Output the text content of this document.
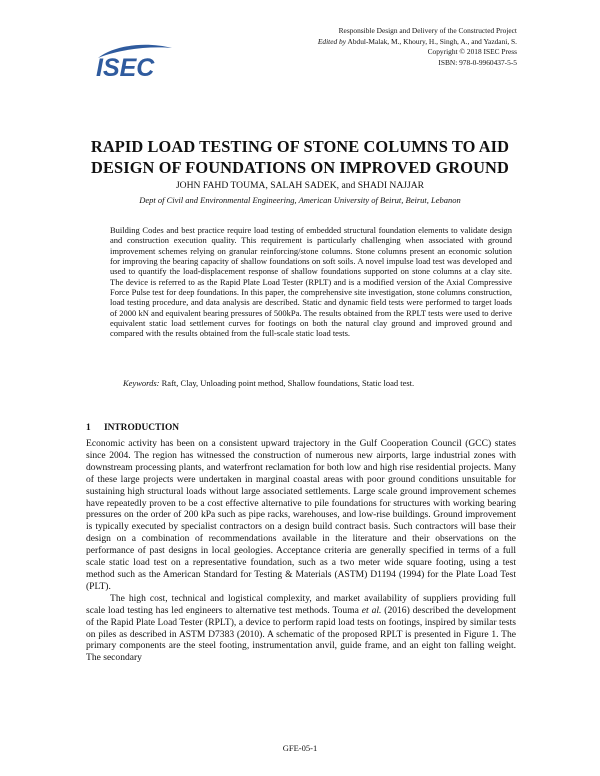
ISEC
Responsible Design and Delivery of the Constructed Project
Edited by Abdul-Malak, M., Khoury, H., Singh, A., and Yazdani, S.
Copyright © 2018 ISEC Press
ISBN: 978-0-9960437-5-5
RAPID LOAD TESTING OF STONE COLUMNS TO AID
DESIGN OF FOUNDATIONS ON IMPROVED GROUND
JOHN FAHD TOUMA, SALAH SADEK, and SHADI NAJJAR
Dept of Civil and Environmental Engineering, American University of Beirut, Beirut, Lebanon

Building Codes and best practice require load testing of embedded structural foundation elements to validate design and construction execution quality. This requirement is particularly challenging when associated with ground improvement schemes relying on granular reinforcing/stone columns. Stone columns present an economic solution for improving the bearing capacity of shallow foundations on soft soils. A novel impulse load test was developed and used to quantify the load-displacement response of shallow foundations supported on stone columns at a clay site. The device is referred to as the Rapid Plate Load Tester (RPLT) and is a modified version of the Axial Compressive Force Pulse test for deep foundations. In this paper, the comprehensive site investigation, stone columns construction, load testing procedure, and data analysis are described. Static and dynamic field tests were performed to target loads of 2000 kN and equivalent bearing pressures of 500kPa. The results obtained from the RPLT tests were used to derive equivalent static load settlement curves for footings on both the natural clay ground and improved ground and compared with the results obtained from the full-scale static load tests.

Keywords: Raft, Clay, Unloading point method, Shallow foundations, Static load test.
1 INTRODUCTION

Economic activity has been on a consistent upward trajectory in the Gulf Cooperation Council (GCC) states since 2004. The region has witnessed the construction of numerous new airports, large industrial zones with downstream processing plants, and waterfront reclamation for both low and high rise residential projects. Many of these large projects were undertaken in marginal coastal areas with poor ground conditions unsuitable for sustaining high structural loads without large associated settlements. Large scale ground improvement schemes have repeatedly proven to be a cost effective alternative to pile foundations for structures with working bearing pressures on the order of 200 kPa such as pipe racks, warehouses, and low-rise buildings. Ground improvement is typically executed by specialist contractors on a design build contract basis. Such contractors will base their design on a combination of recommendations available in the literature and their observations on the performance of past designs in local geologies. Acceptance criteria are generally specified in terms of a full scale static load test on a representative foundation, such as a two meter wide square footing, using a test method such as the American Standard for Testing & Materials (ASTM) D1194 (1994) for the Plate Load Test (PLT).

The high cost, technical and logistical complexity, and market availability of suppliers providing full scale load testing has led engineers to alternative test methods. Touma et al. (2016) described the development of the Rapid Plate Load Tester (RPLT), a device to perform rapid load tests on footings, inspired by similar tests on piles as described in ASTM D7383 (2010). A schematic of the proposed RPLT is presented in Figure 1. The primary components are the steel footing, instrumentation anvil, guide frame, and an eight ton falling weight. The secondary

GFE-05-1
